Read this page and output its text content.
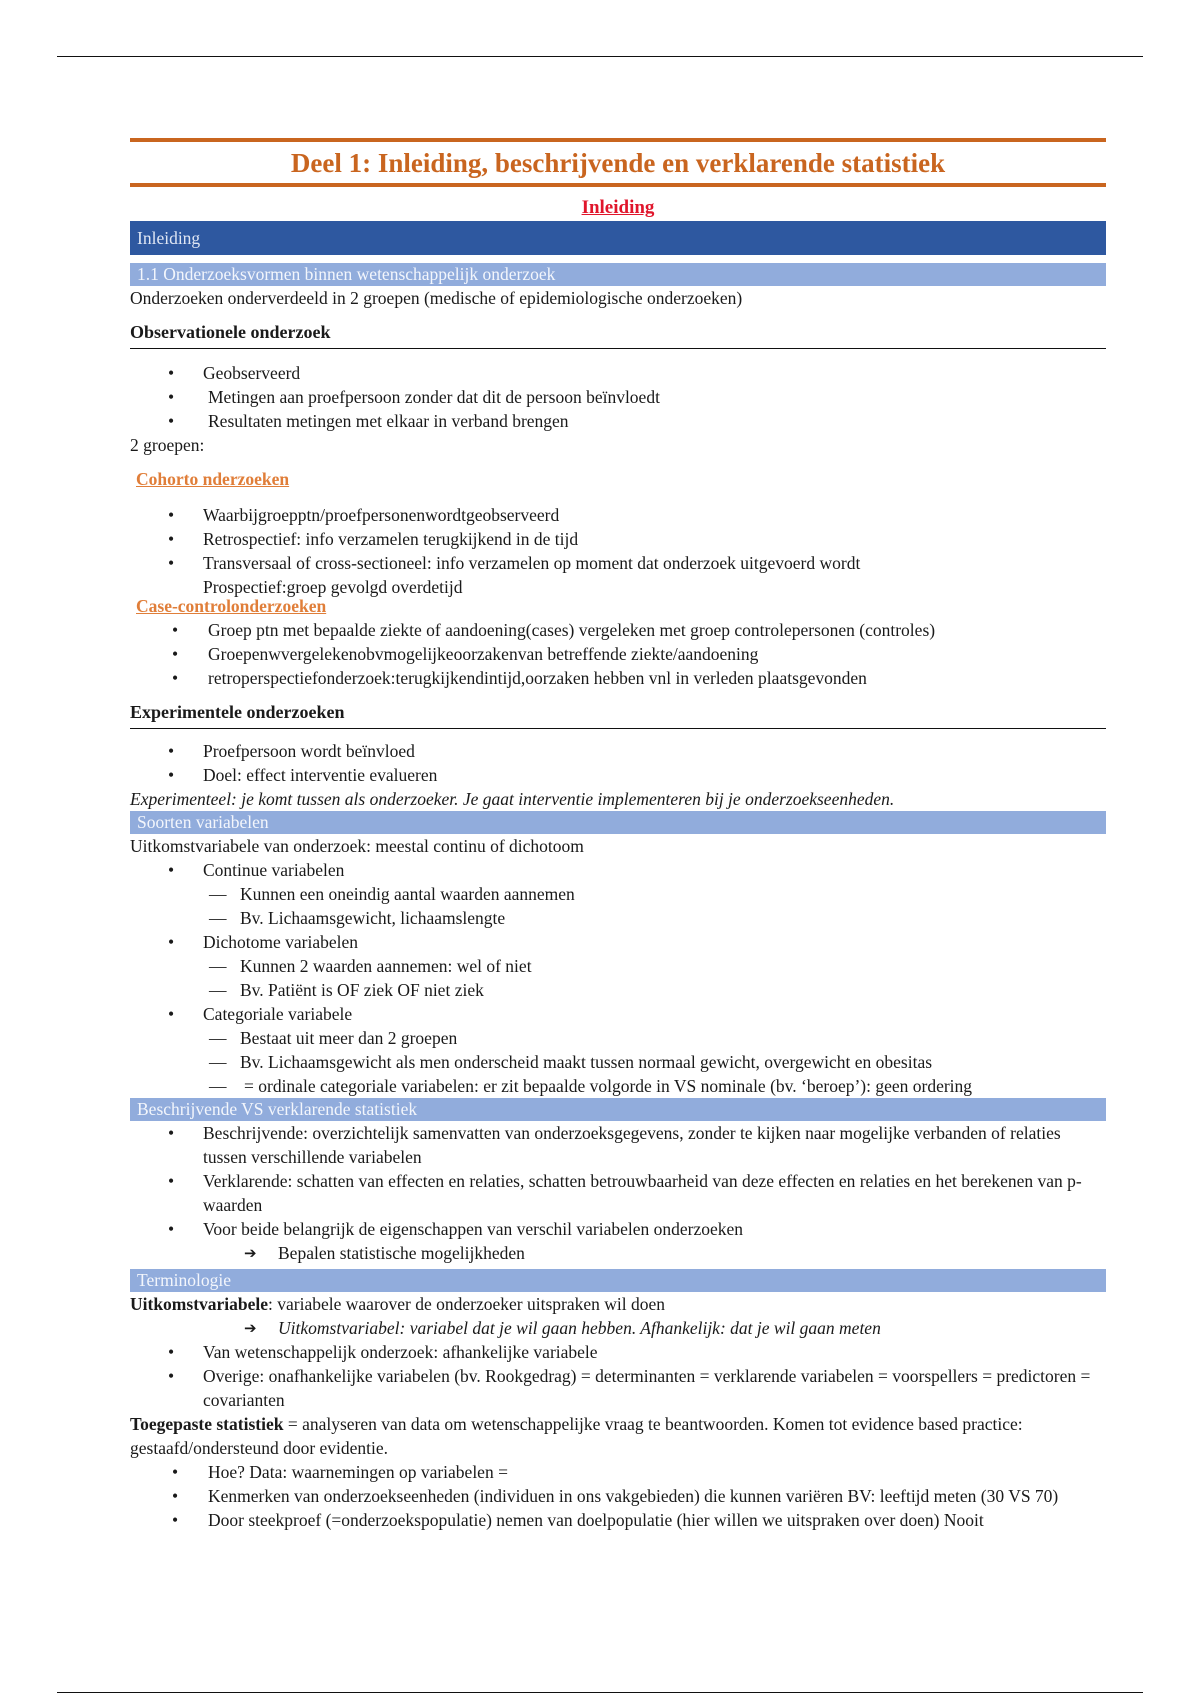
Deel 1: Inleiding, beschrijvende en verklarende statistiek
Inleiding
Inleiding
1.1 Onderzoeksvormen binnen wetenschappelijk onderzoek
Onderzoeken onderverdeeld in 2 groepen (medische of epidemiologische onderzoeken)
Observationele onderzoek
• Geobserveerd
• Metingen aan proefpersoon zonder dat dit de persoon beïnvloedt
• Resultaten metingen met elkaar in verband brengen
2 groepen:
Cohorto nderzoeken
• Waarbijgroepptn/proefpersonenwordtgeobserveerd
• Retrospectief: info verzamelen terugkijkend in de tijd
• Transversaal of cross-sectioneel: info verzamelen op moment dat onderzoek uitgevoerd wordt
Prospectief:groep gevolgd overdetijd
Case-controlonderzoeken
• Groep ptn met bepaalde ziekte of aandoening(cases) vergeleken met groep controlepersonen (controles)
• Groepenwvergelekenobvmogelijkeoorzakenvan betreffende ziekte/aandoening
• retroperspectiefonderzoek:terugkijkendintijd,oorzaken hebben vnl in verleden plaatsgevonden
Experimentele onderzoeken
• Proefpersoon wordt beïnvloed
• Doel: effect interventie evalueren
Experimenteel: je komt tussen als onderzoeker. Je gaat interventie implementeren bij je onderzoekseenheden.
Soorten variabelen
Uitkomstvariabele van onderzoek: meestal continu of dichotoom
• Continue variabelen
— Kunnen een oneindig aantal waarden aannemen
— Bv. Lichaamsgewicht, lichaamslengte
• Dichotome variabelen
— Kunnen 2 waarden aannemen: wel of niet
— Bv. Patiënt is OF ziek OF niet ziek
• Categoriale variabele
— Bestaat uit meer dan 2 groepen
— Bv. Lichaamsgewicht als men onderscheid maakt tussen normaal gewicht, overgewicht en obesitas
— = ordinale categoriale variabelen: er zit bepaalde volgorde in VS nominale (bv. ‘beroep’): geen ordering
Beschrijvende VS verklarende statistiek
• Beschrijvende: overzichtelijk samenvatten van onderzoeksgegevens, zonder te kijken naar mogelijke verbanden of relaties tussen verschillende variabelen
• Verklarende: schatten van effecten en relaties, schatten betrouwbaarheid van deze effecten en relaties en het berekenen van p-waarden
• Voor beide belangrijk de eigenschappen van verschil variabelen onderzoeken
➔ Bepalen statistische mogelijkheden
Terminologie
Uitkomstvariabele: variabele waarover de onderzoeker uitspraken wil doen
➔ Uitkomstvariabel: variabel dat je wil gaan hebben. Afhankelijk: dat je wil gaan meten
• Van wetenschappelijk onderzoek: afhankelijke variabele
• Overige: onafhankelijke variabelen (bv. Rookgedrag) = determinanten = verklarende variabelen = voorspellers = predictoren = covarianten
Toegepaste statistiek = analyseren van data om wetenschappelijke vraag te beantwoorden. Komen tot evidence based practice: gestaafd/ondersteund door evidentie.
• Hoe? Data: waarnemingen op variabelen =
• Kenmerken van onderzoekseenheden (individuen in ons vakgebieden) die kunnen variëren BV: leeftijd meten (30 VS 70)
• Door steekproef (=onderzoekspopulatie) nemen van doelpopulatie (hier willen we uitspraken over doen) Nooit
